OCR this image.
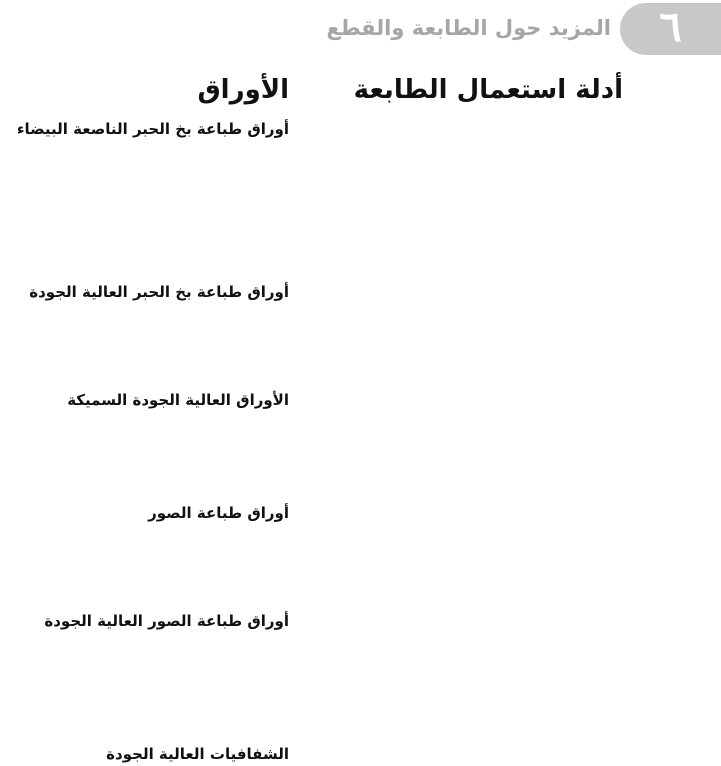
٦
المزيد حول الطابعة والقطع
أدلة استعمال الطابعة
الأوراق
أوراق طباعة بخ الحبر الناصعة البيضاء
أوراق طباعة بخ الحبر العالية الجودة
الأوراق العالية الجودة السميكة
أوراق طباعة الصور
أوراق طباعة الصور العالية الجودة
الشفافيات العالية الجودة
